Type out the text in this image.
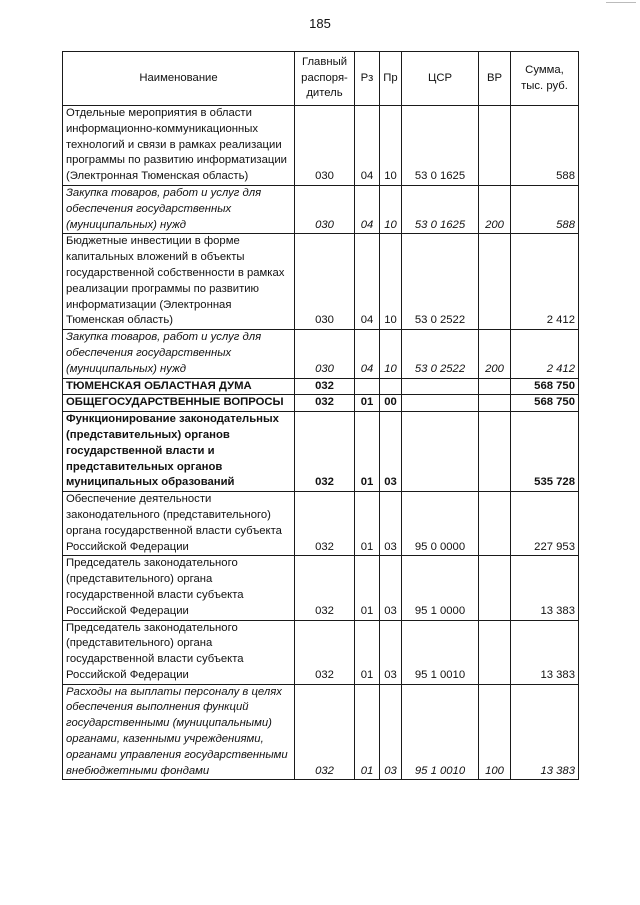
185
Наименование	Главный распоря-дитель	Рз	Пр	ЦСР	ВР	Сумма, тыс. руб.
Отдельные мероприятия в области информационно-коммуникационных технологий и связи в рамках реализации программы по развитию информатизации (Электронная Тюменская область)	030	04	10	53 0 1625		588
Закупка товаров, работ и услуг для обеспечения государственных (муниципальных) нужд	030	04	10	53 0 1625	200	588
Бюджетные инвестиции в форме капитальных вложений в объекты государственной собственности в рамках реализации программы по развитию информатизации (Электронная Тюменская область)	030	04	10	53 0 2522		2 412
Закупка товаров, работ и услуг для обеспечения государственных (муниципальных) нужд	030	04	10	53 0 2522	200	2 412
ТЮМЕНСКАЯ ОБЛАСТНАЯ ДУМА	032					568 750
ОБЩЕГОСУДАРСТВЕННЫЕ ВОПРОСЫ	032	01	00			568 750
Функционирование законодательных (представительных) органов государственной власти и представительных органов муниципальных образований	032	01	03			535 728
Обеспечение деятельности законодательного (представительного) органа государственной власти субъекта Российской Федерации	032	01	03	95 0 0000		227 953
Председатель законодательного (представительного) органа государственной власти субъекта Российской Федерации	032	01	03	95 1 0000		13 383
Председатель законодательного (представительного) органа государственной власти субъекта Российской Федерации	032	01	03	95 1 0010		13 383
Расходы на выплаты персоналу в целях обеспечения выполнения функций государственными (муниципальными) органами, казенными учреждениями, органами управления государственными внебюджетными фондами	032	01	03	95 1 0010	100	13 383
